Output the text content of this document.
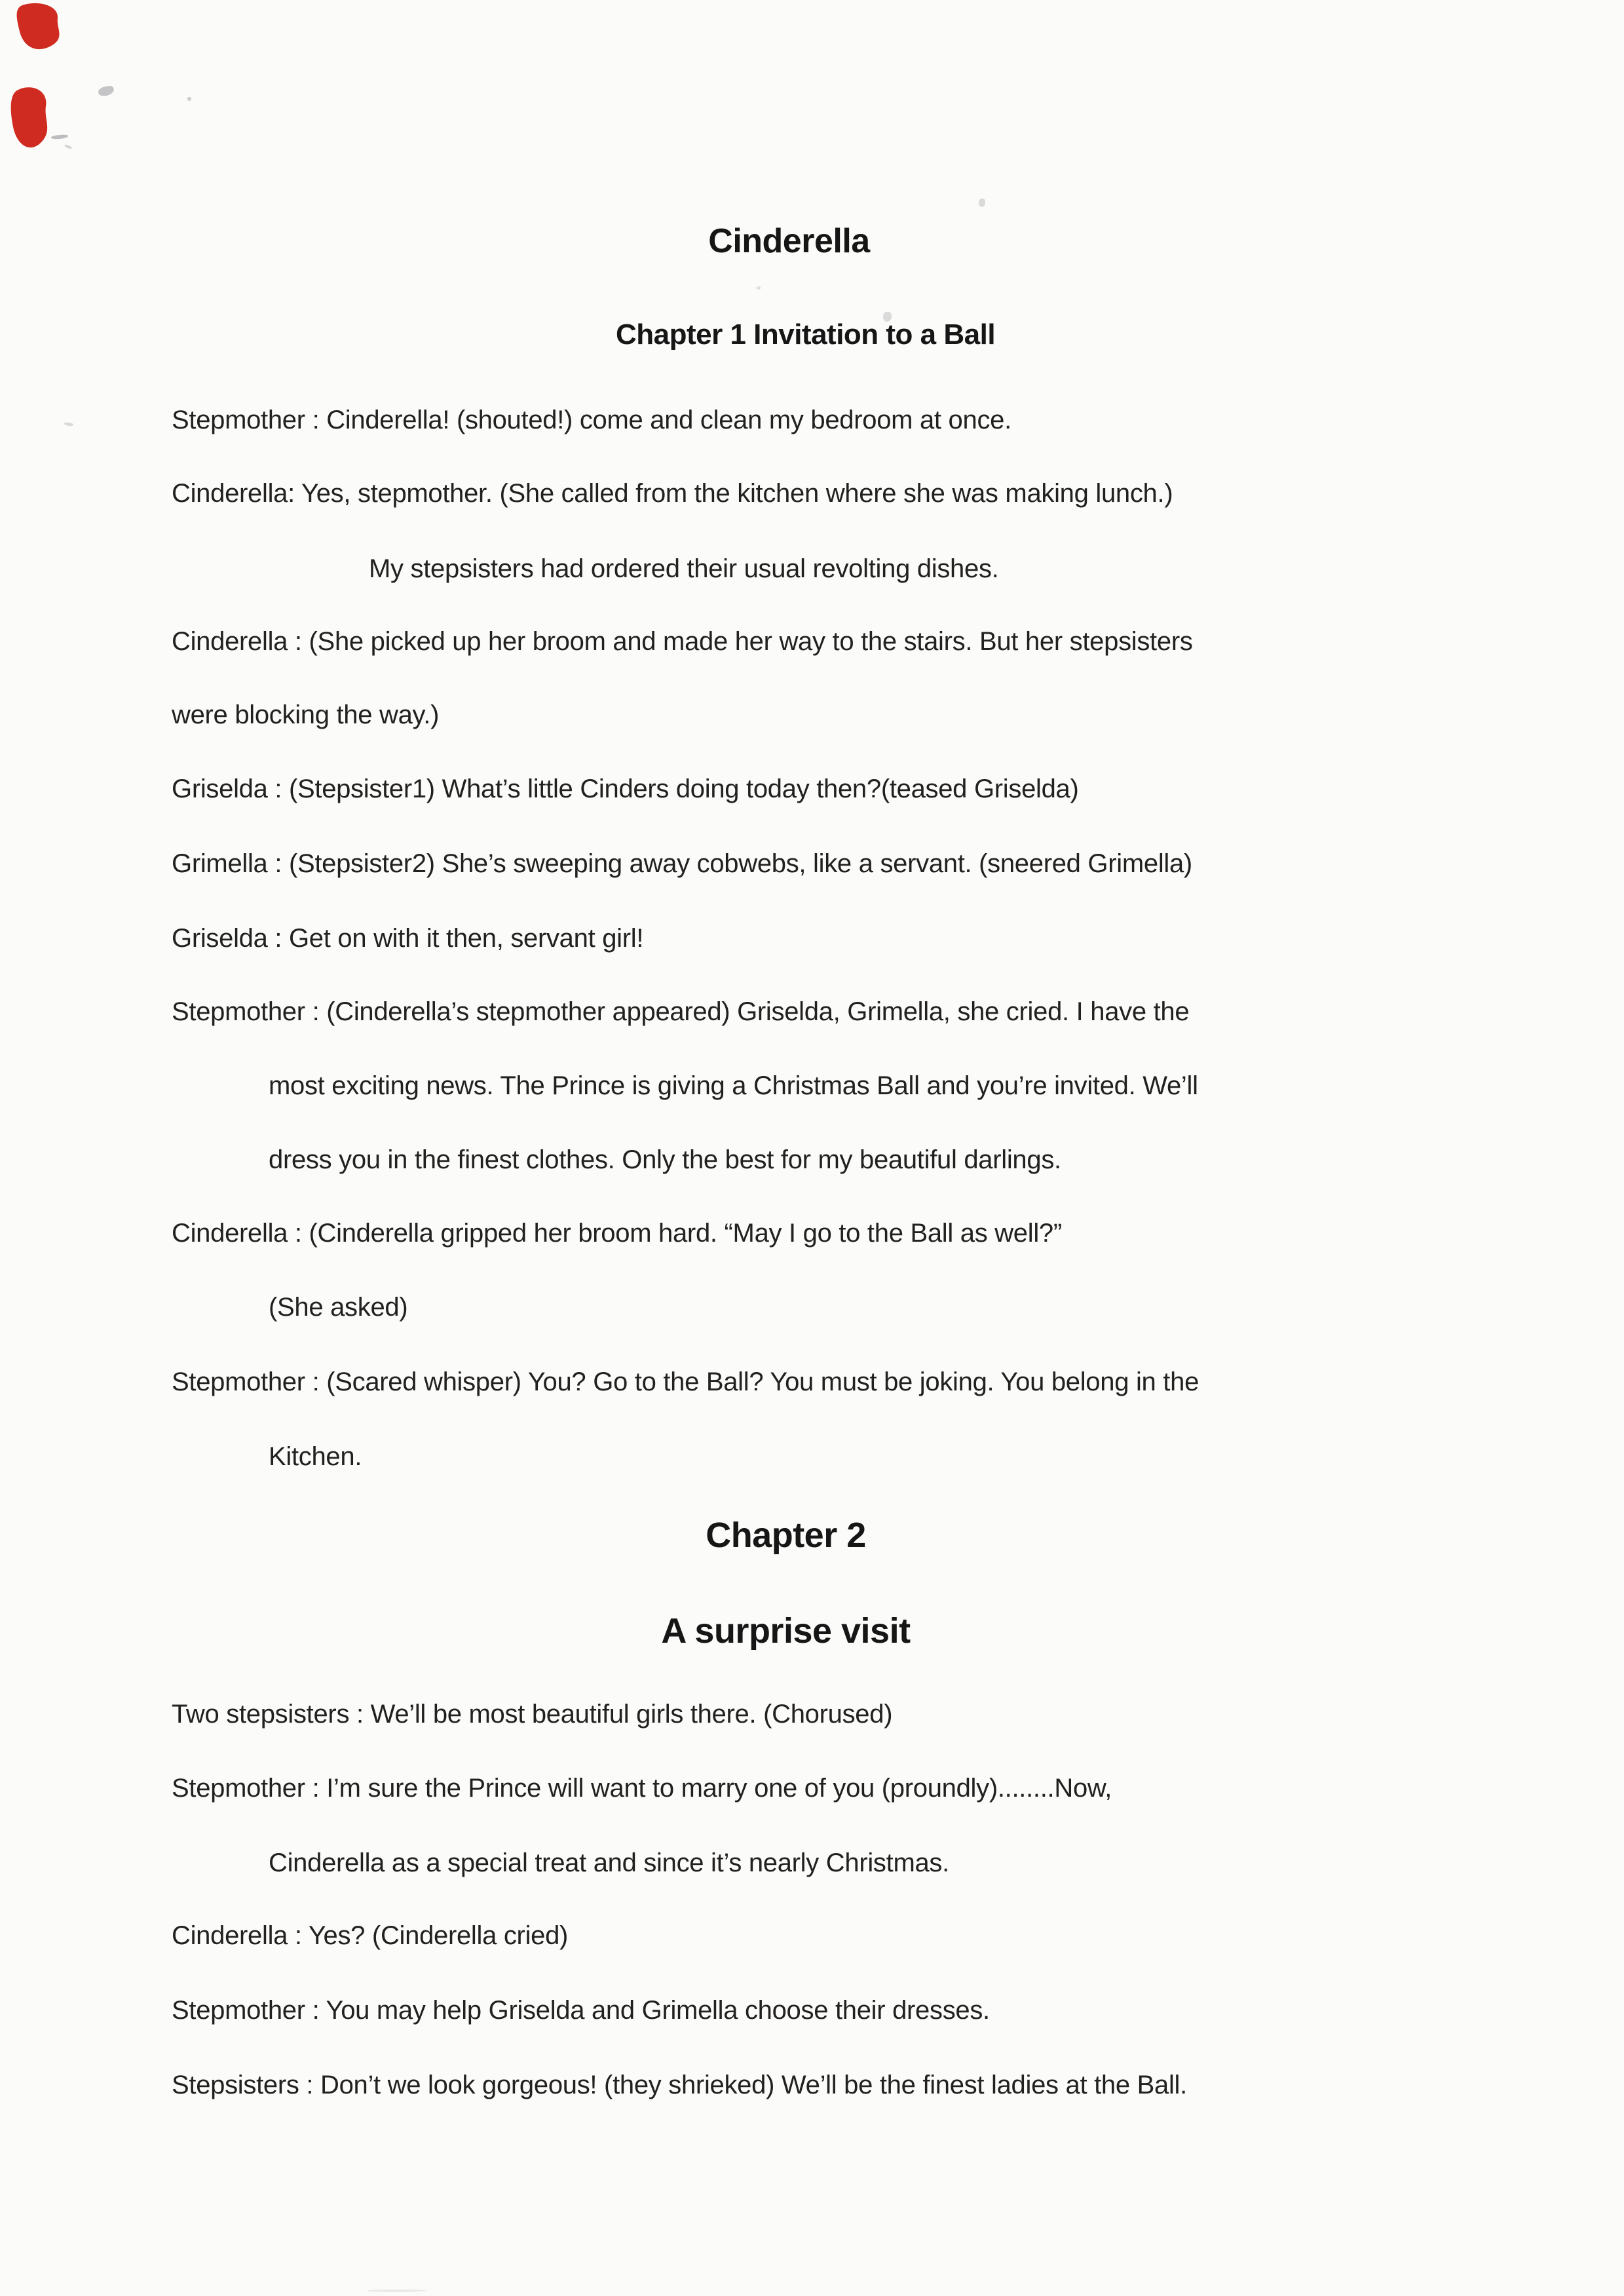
Cinderella
Chapter 1 Invitation to a Ball
Stepmother : Cinderella! (shouted!) come and clean my bedroom at once.
Cinderella: Yes, stepmother. (She called from the kitchen where she was making lunch.)
My stepsisters had ordered their usual revolting dishes.
Cinderella : (She picked up her broom and made her way to the stairs. But her stepsisters
were blocking the way.)
Griselda : (Stepsister1) What’s little Cinders doing today then?(teased Griselda)
Grimella : (Stepsister2) She’s sweeping away cobwebs, like a servant. (sneered Grimella)
Griselda : Get on with it then, servant girl!
Stepmother : (Cinderella’s stepmother appeared) Griselda, Grimella, she cried. I have the
most exciting news. The Prince is giving a Christmas Ball and you’re invited. We’ll
dress you in the finest clothes. Only the best for my beautiful darlings.
Cinderella : (Cinderella gripped her broom hard. “May I go to the Ball as well?”
(She asked)
Stepmother : (Scared whisper) You? Go to the Ball? You must be joking. You belong in the
Kitchen.
Chapter 2
A surprise visit
Two stepsisters : We’ll be most beautiful girls there. (Chorused)
Stepmother : I’m sure the Prince will want to marry one of you (proundly)........Now,
Cinderella as a special treat and since it’s nearly Christmas.
Cinderella : Yes? (Cinderella cried)
Stepmother : You may help Griselda and Grimella choose their dresses.
Stepsisters : Don’t we look gorgeous! (they shrieked) We’ll be the finest ladies at the Ball.
